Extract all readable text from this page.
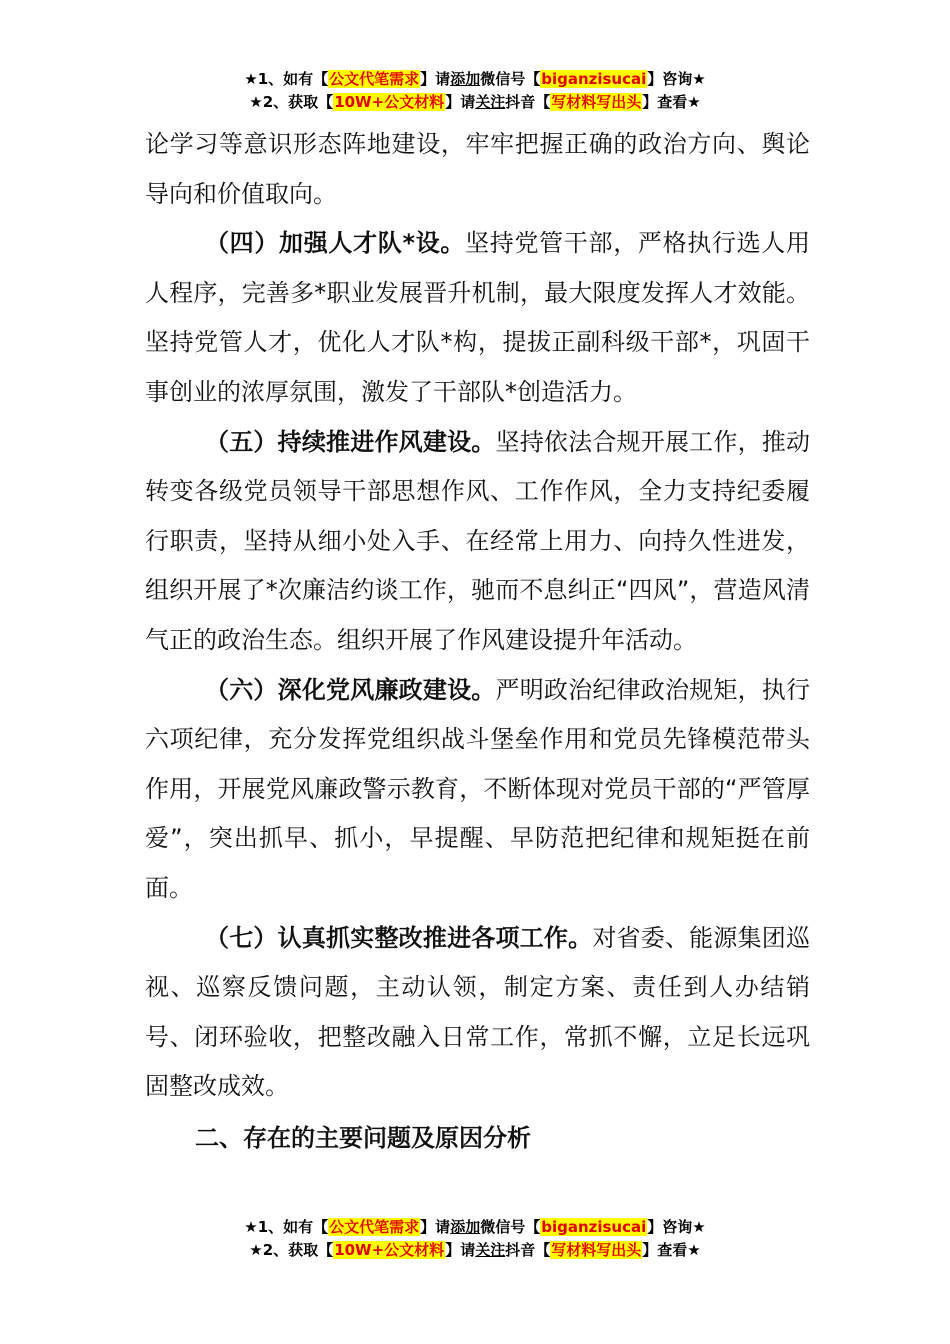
★1、如有【公文代笔需求】请添加微信号【biganzisucai】咨询★
★2、获取【10W+公文材料】请关注抖音【写材料写出头】查看★

论学习等意识形态阵地建设，牢牢把握正确的政治方向、舆论导向和价值取向。

（四）加强人才队*设。坚持党管干部，严格执行选人用人程序，完善多*职业发展晋升机制，最大限度发挥人才效能。坚持党管人才，优化人才队*构，提拔正副科级干部*，巩固干事创业的浓厚氛围，激发了干部队*创造活力。

（五）持续推进作风建设。坚持依法合规开展工作，推动转变各级党员领导干部思想作风、工作作风，全力支持纪委履行职责，坚持从细小处入手、在经常上用力、向持久性进发，组织开展了*次廉洁约谈工作，驰而不息纠正“四风”，营造风清气正的政治生态。组织开展了作风建设提升年活动。

（六）深化党风廉政建设。严明政治纪律政治规矩，执行六项纪律，充分发挥党组织战斗堡垒作用和党员先锋模范带头作用，开展党风廉政警示教育，不断体现对党员干部的“严管厚爱”，突出抓早、抓小，早提醒、早防范把纪律和规矩挺在前面。

（七）认真抓实整改推进各项工作。对省委、能源集团巡视、巡察反馈问题，主动认领，制定方案、责任到人办结销号、闭环验收，把整改融入日常工作，常抓不懈，立足长远巩固整改成效。

二、存在的主要问题及原因分析

★1、如有【公文代笔需求】请添加微信号【biganzisucai】咨询★
★2、获取【10W+公文材料】请关注抖音【写材料写出头】查看★
